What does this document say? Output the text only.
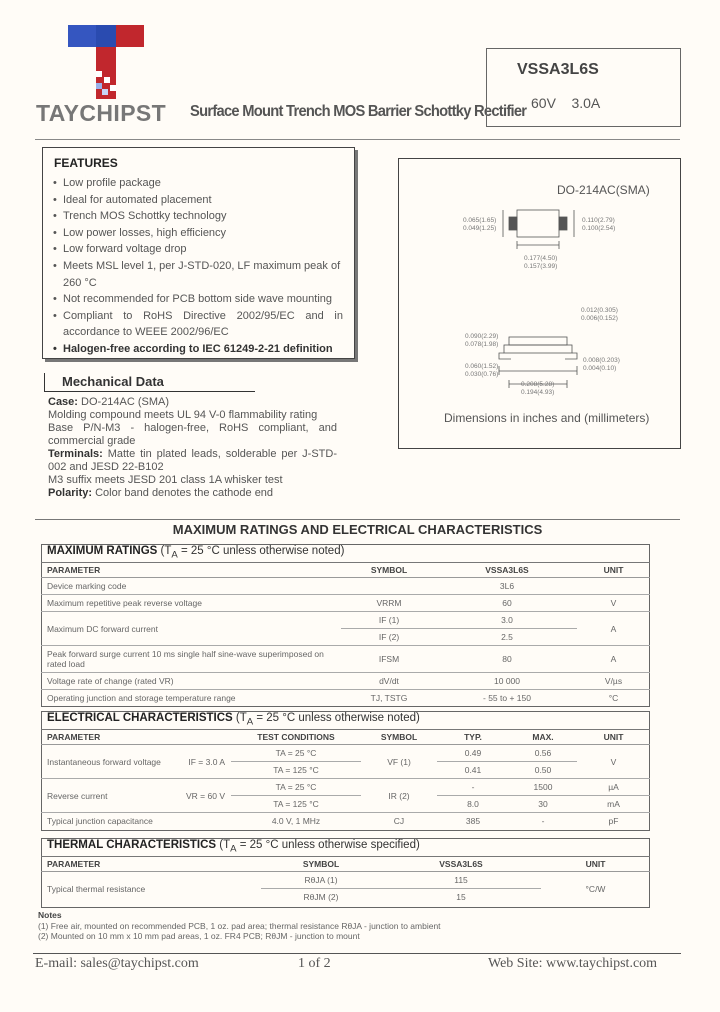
TAYCHIPST Surface Mount Trench MOS Barrier Schottky Rectifier
VSSA3L6S
60V    3.0A
FEATURES
• Low profile package
• Ideal for automated placement
• Trench MOS Schottky technology
• Low power losses, high efficiency
• Low forward voltage drop
• Meets MSL level 1, per J-STD-020, LF maximum peak of 260 °C
• Not recommended for PCB bottom side wave mounting
• Compliant to RoHS Directive 2002/95/EC and in accordance to WEEE 2002/96/EC
• Halogen-free according to IEC 61249-2-21 definition
DO-214AC(SMA)
0.065(1.65)
0.049(1.25)
0.110(2.79)
0.100(2.54)
0.177(4.50)
0.157(3.99)
0.012(0.305)
0.006(0.152)
0.090(2.29)
0.078(1.98)
0.060(1.52)
0.030(0.76)
0.008(0.203)
0.004(0.10)
0.208(5.28)
0.194(4.93)
Dimensions in inches and (millimeters)
Mechanical Data

Case: DO-214AC (SMA)

Molding compound meets UL 94 V-0 flammability rating

Base P/N-M3 - halogen-free, RoHS compliant, and commercial grade

Terminals: Matte tin plated leads, solderable per J-STD-002 and JESD 22-B102

M3 suffix meets JESD 201 class 1A whisker test

Polarity: Color band denotes the cathode end

MAXIMUM RATINGS AND ELECTRICAL CHARACTERISTICS
MAXIMUM RATINGS ($T_A = 25$ °C unless otherwise noted)			
PARAMETER	SYMBOL	VSSA3L6S	UNIT
Device marking code		3L6	
Maximum repetitive peak reverse voltage	VRRM	60	V
Maximum DC forward current	IF (1)	3.0	A
	IF (2)	2.5	
Peak forward surge current 10 ms single half sine-wave superimposed on rated load	IFSM	80	A
Voltage rate of change (rated VR)	dV/dt	10 000	V/µs
Operating junction and storage temperature range	TJ, TSTG	- 55 to + 150	°C
ELECTRICAL CHARACTERISTICS ($T_A = 25$ °C unless otherwise noted)					
PARAMETER	TEST CONDITIONS	SYMBOL	TYP.	MAX.	UNIT
Instantaneous forward voltage IF = 3.0 A	TA = 25 °C	VF (1)	0.49	0.56	V
	TA = 125 °C		0.41	0.50	
Reverse current VR = 60 V	TA = 25 °C	IR (2)	-	1500	µA
	TA = 125 °C		8.0	30	mA
Typical junction capacitance	4.0 V, 1 MHz	CJ	385	-	pF
THERMAL CHARACTERISTICS ($T_A = 25$ °C unless otherwise specified)			
PARAMETER	SYMBOL	VSSA3L6S	UNIT
Typical thermal resistance	RθJA (1)	115	°C/W
	RθJM (2)	15	
Notes
(1) Free air, mounted on recommended PCB, 1 oz. pad area; thermal resistance RθJA - junction to ambient
(2) Mounted on 10 mm x 10 mm pad areas, 1 oz. FR4 PCB; RθJM - junction to mount
E-mail: sales@taychipst.com	1 of 2	Web Site: www.taychipst.com
